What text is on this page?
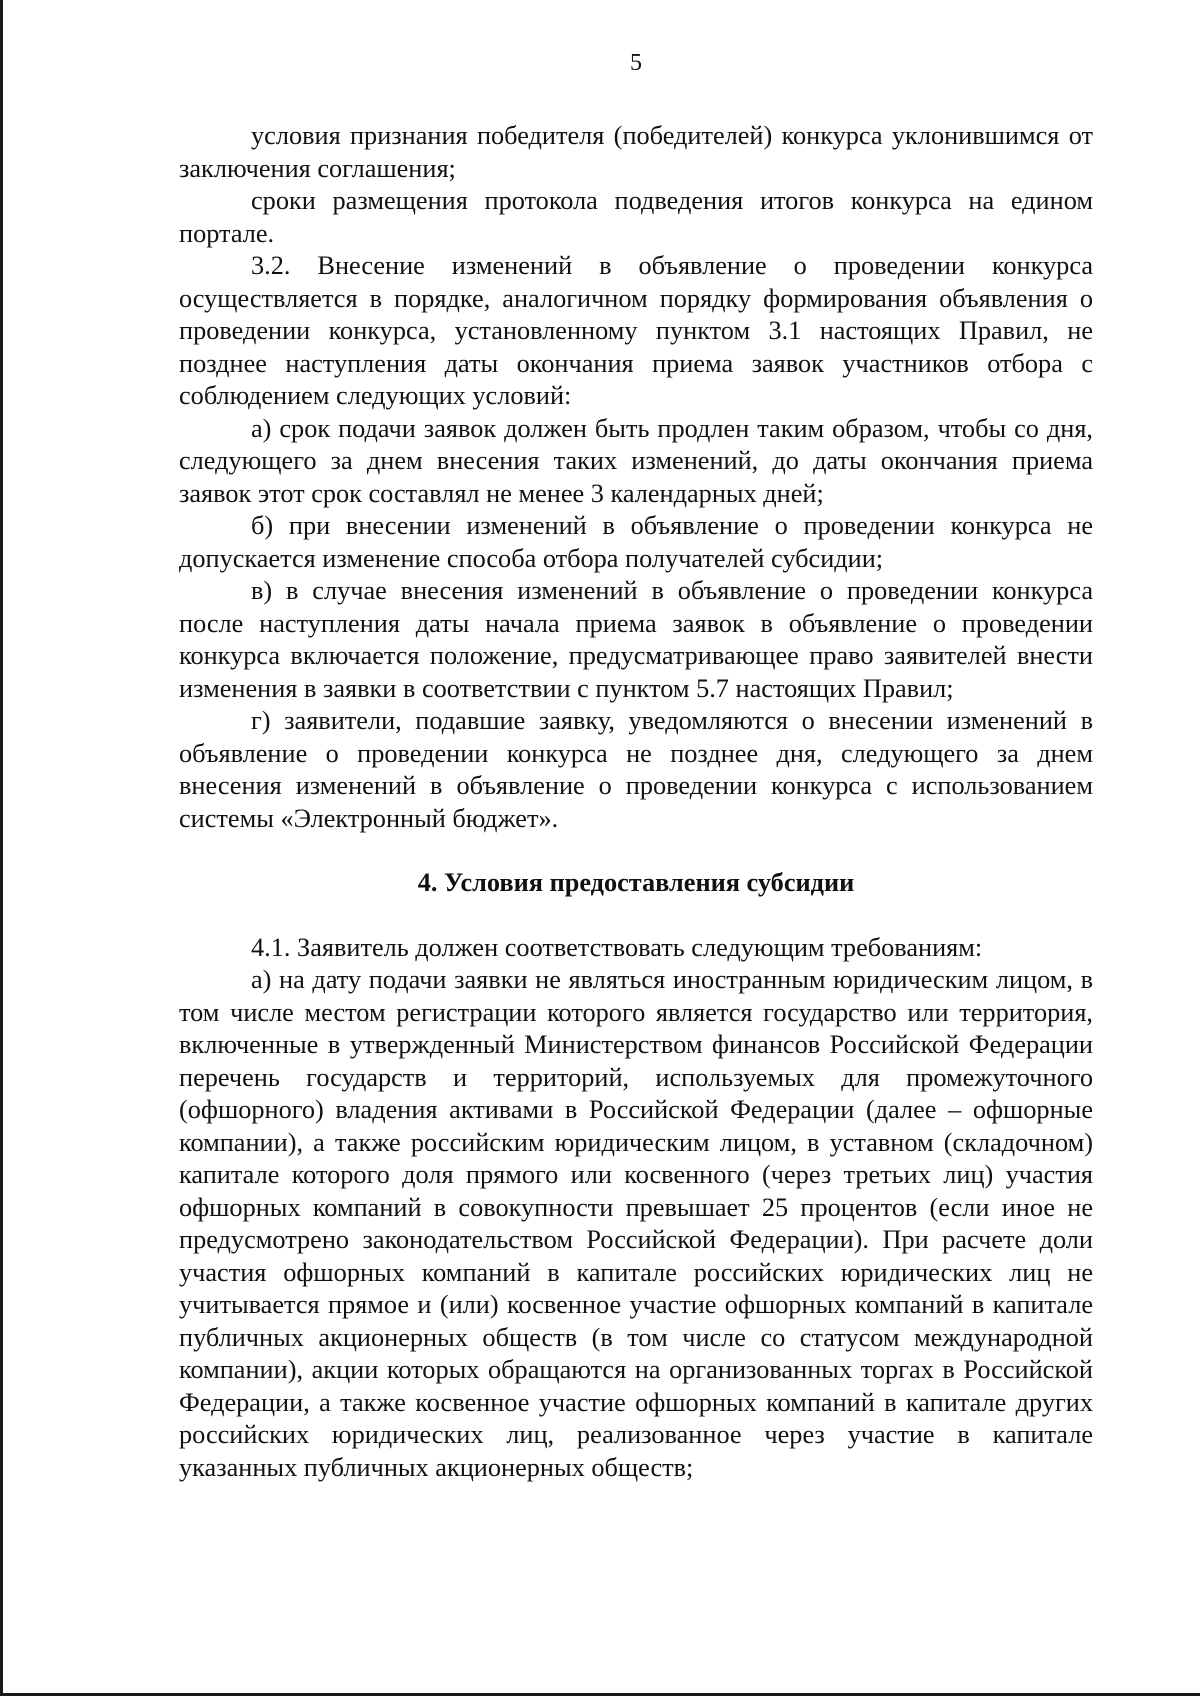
5

условия признания победителя (победителей) конкурса уклонившимся от заключения соглашения;

сроки размещения протокола подведения итогов конкурса на едином портале.

3.2. Внесение изменений в объявление о проведении конкурса осуществляется в порядке, аналогичном порядку формирования объявления о проведении конкурса, установленному пунктом 3.1 настоящих Правил, не позднее наступления даты окончания приема заявок участников отбора с соблюдением следующих условий:

а) срок подачи заявок должен быть продлен таким образом, чтобы со дня, следующего за днем внесения таких изменений, до даты окончания приема заявок этот срок составлял не менее 3 календарных дней;

б) при внесении изменений в объявление о проведении конкурса не допускается изменение способа отбора получателей субсидии;

в) в случае внесения изменений в объявление о проведении конкурса после наступления даты начала приема заявок в объявление о проведении конкурса включается положение, предусматривающее право заявителей внести изменения в заявки в соответствии с пунктом 5.7 настоящих Правил;

г) заявители, подавшие заявку, уведомляются о внесении изменений в объявление о проведении конкурса не позднее дня, следующего за днем внесения изменений в объявление о проведении конкурса с использованием системы «Электронный бюджет».

4. Условия предоставления субсидии

4.1. Заявитель должен соответствовать следующим требованиям:

а) на дату подачи заявки не являться иностранным юридическим лицом, в том числе местом регистрации которого является государство или территория, включенные в утвержденный Министерством финансов Российской Федерации перечень государств и территорий, используемых для промежуточного (офшорного) владения активами в Российской Федерации (далее – офшорные компании), а также российским юридическим лицом, в уставном (складочном) капитале которого доля прямого или косвенного (через третьих лиц) участия офшорных компаний в совокупности превышает 25 процентов (если иное не предусмотрено законодательством Российской Федерации). При расчете доли участия офшорных компаний в капитале российских юридических лиц не учитывается прямое и (или) косвенное участие офшорных компаний в капитале публичных акционерных обществ (в том числе со статусом международной компании), акции которых обращаются на организованных торгах в Российской Федерации, а также косвенное участие офшорных компаний в капитале других российских юридических лиц, реализованное через участие в капитале указанных публичных акционерных обществ;
